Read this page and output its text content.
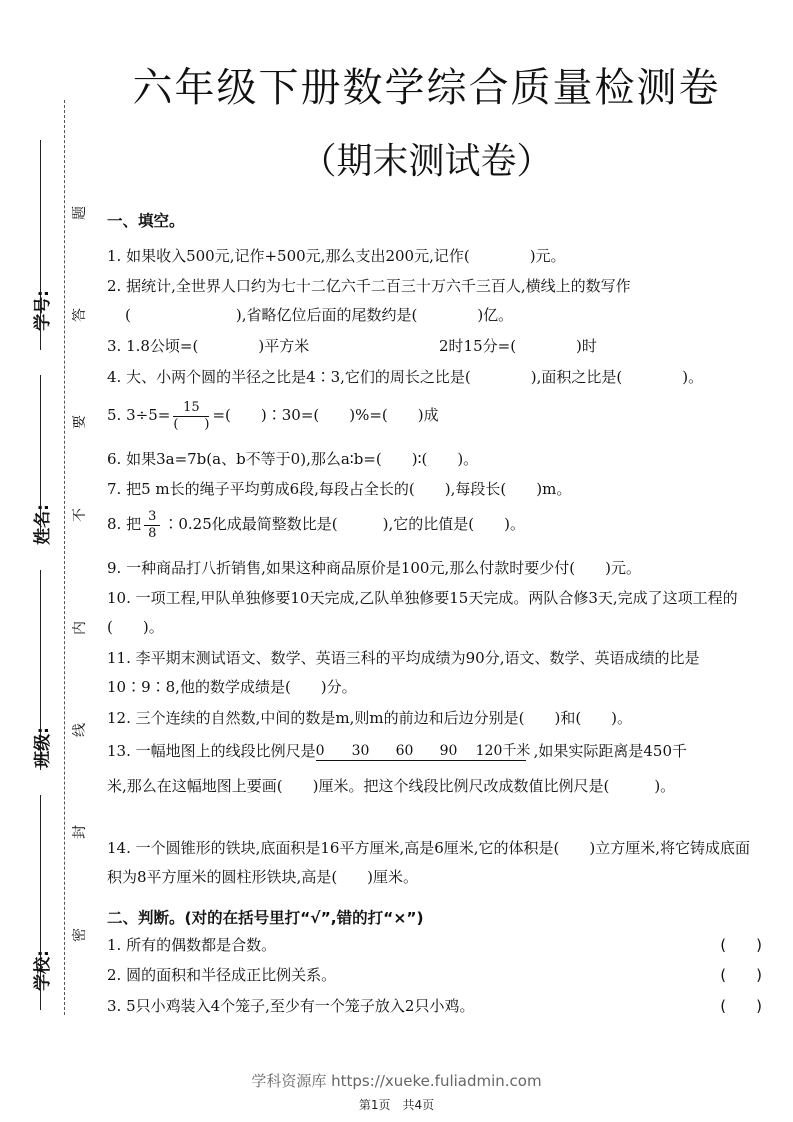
六年级下册数学综合质量检测卷
（期末测试卷）
学号:
姓名:
班级:
学校:
题
答
要
不
内
线
封
密
一、填空。
1. 如果收入500元,记作+500元,那么支出200元,记作(　　　　)元。
2. 据统计,全世界人口约为七十二亿六千二百三十万六千三百人,横线上的数写作
(　　　　　　　),省略亿位后面的尾数约是(　　　　)亿。
3. 1.8公顷=(　　　　)平方米	2时15分=(　　　　)时
4. 大、小两个圆的半径之比是4∶3,它们的周长之比是(　　　　),面积之比是(　　　　)。
5. $3\div 5= \frac{15}{( )}$ =(　　)∶30=(　　)%=(　　)成
6. 如果3a=7b(a、b不等于0),那么a∶b=(　　)∶(　　)。
7. 把5 m长的绳子平均剪成6段,每段占全长的(　　),每段长(　　)m。
8. 把 $\frac{3}{8}$ ∶0.25化成最简整数比是(　　　),它的比值是(　　)。
9. 一种商品打八折销售,如果这种商品原价是100元,那么付款时要少付(　　)元。
10. 一项工程,甲队单独修要10天完成,乙队单独修要15天完成。两队合修3天,完成了这项工程的(　　)。
11. 李平期末测试语文、数学、英语三科的平均成绩为90分,语文、数学、英语成绩的比是10∶9∶8,他的数学成绩是(　　)分。
12. 三个连续的自然数,中间的数是m,则m的前边和后边分别是(　　)和(　　)。
13. 一幅地图上的线段比例尺是 0 30 60 90 120千米 ,如果实际距离是450千
米,那么在这幅地图上要画(　　)厘米。把这个线段比例尺改成数值比例尺是(　　　)。
14. 一个圆锥形的铁块,底面积是16平方厘米,高是6厘米,它的体积是(　　)立方厘米,将它铸成底面积为8平方厘米的圆柱形铁块,高是(　　)厘米。
二、判断。(对的在括号里打“√”,错的打“×”)
1. 所有的偶数都是合数。	(　　)
2. 圆的面积和半径成正比例关系。	(　　)
3. 5只小鸡装入4个笼子,至少有一个笼子放入2只小鸡。	(　　)
学科资源库 https://xueke.fuliadmin.com
第1页　共4页
